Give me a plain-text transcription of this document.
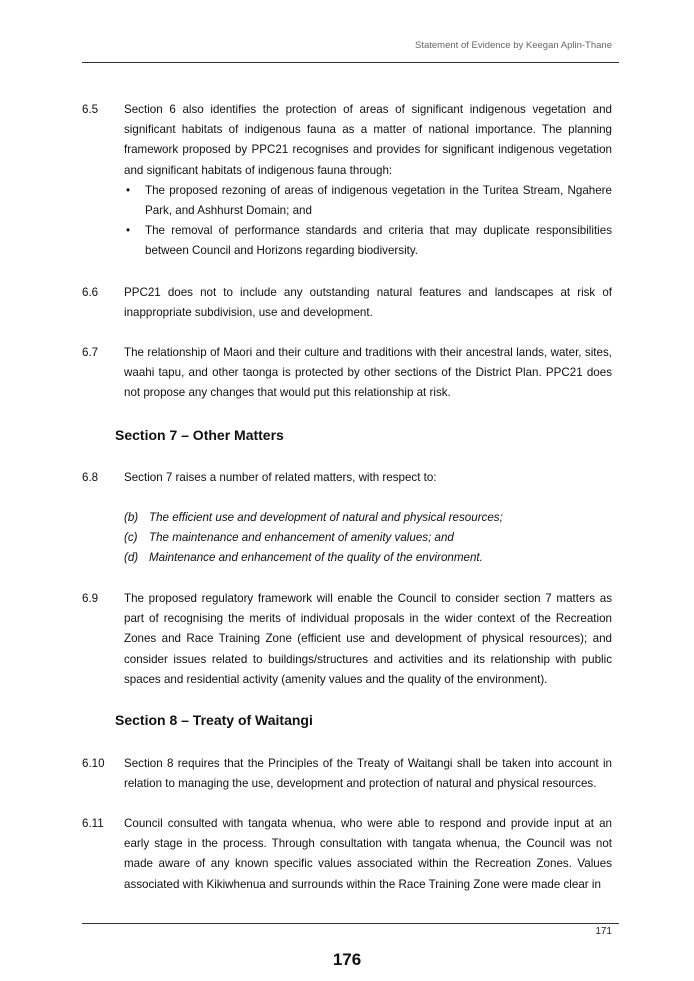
Statement of Evidence by Keegan Aplin-Thane
6.5	Section 6 also identifies the protection of areas of significant indigenous vegetation and significant habitats of indigenous fauna as a matter of national importance. The planning framework proposed by PPC21 recognises and provides for significant indigenous vegetation and significant habitats of indigenous fauna through:
• The proposed rezoning of areas of indigenous vegetation in the Turitea Stream, Ngahere Park, and Ashhurst Domain; and
• The removal of performance standards and criteria that may duplicate responsibilities between Council and Horizons regarding biodiversity.
6.6	PPC21 does not to include any outstanding natural features and landscapes at risk of inappropriate subdivision, use and development.
6.7	The relationship of Maori and their culture and traditions with their ancestral lands, water, sites, waahi tapu, and other taonga is protected by other sections of the District Plan. PPC21 does not propose any changes that would put this relationship at risk.
Section 7 – Other Matters
6.8	Section 7 raises a number of related matters, with respect to:
(b) The efficient use and development of natural and physical resources;
(c) The maintenance and enhancement of amenity values; and
(d) Maintenance and enhancement of the quality of the environment.
6.9	The proposed regulatory framework will enable the Council to consider section 7 matters as part of recognising the merits of individual proposals in the wider context of the Recreation Zones and Race Training Zone (efficient use and development of physical resources); and consider issues related to buildings/structures and activities and its relationship with public spaces and residential activity (amenity values and the quality of the environment).
Section 8 – Treaty of Waitangi
6.10	Section 8 requires that the Principles of the Treaty of Waitangi shall be taken into account in relation to managing the use, development and protection of natural and physical resources.
6.11	Council consulted with tangata whenua, who were able to respond and provide input at an early stage in the process. Through consultation with tangata whenua, the Council was not made aware of any known specific values associated within the Recreation Zones. Values associated with Kikiwhenua and surrounds within the Race Training Zone were made clear in
171
176
